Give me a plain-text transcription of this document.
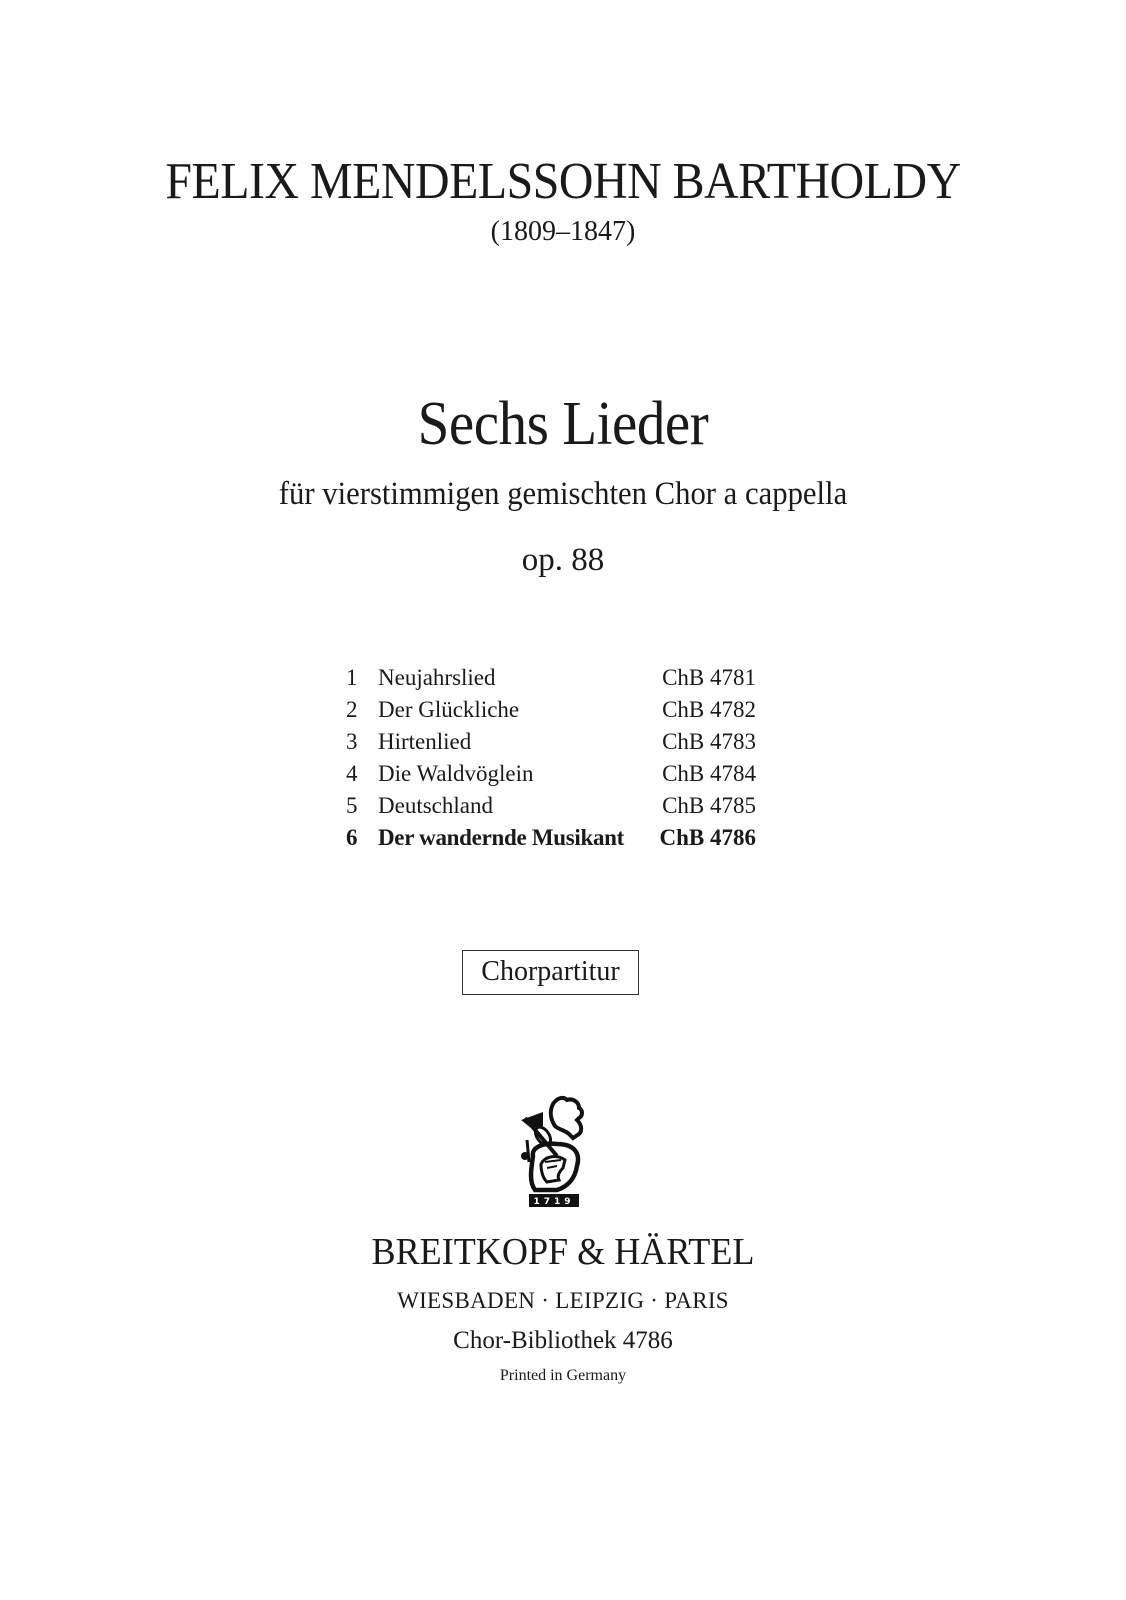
FELIX MENDELSSOHN BARTHOLDY
(1809–1847)
Sechs Lieder
für vierstimmigen gemischten Chor a cappella
op. 88
1 Neujahrslied	ChB 4781
2 Der Glückliche	ChB 4782
3 Hirtenlied	ChB 4783
4 Die Waldvöglein	ChB 4784
5 Deutschland	ChB 4785
6 Der wandernde Musikant ChB 4786
Chorpartitur
1719
BREITKOPF & HÄRTEL
WIESBADEN · LEIPZIG · PARIS
Chor-Bibliothek 4786
Printed in Germany
